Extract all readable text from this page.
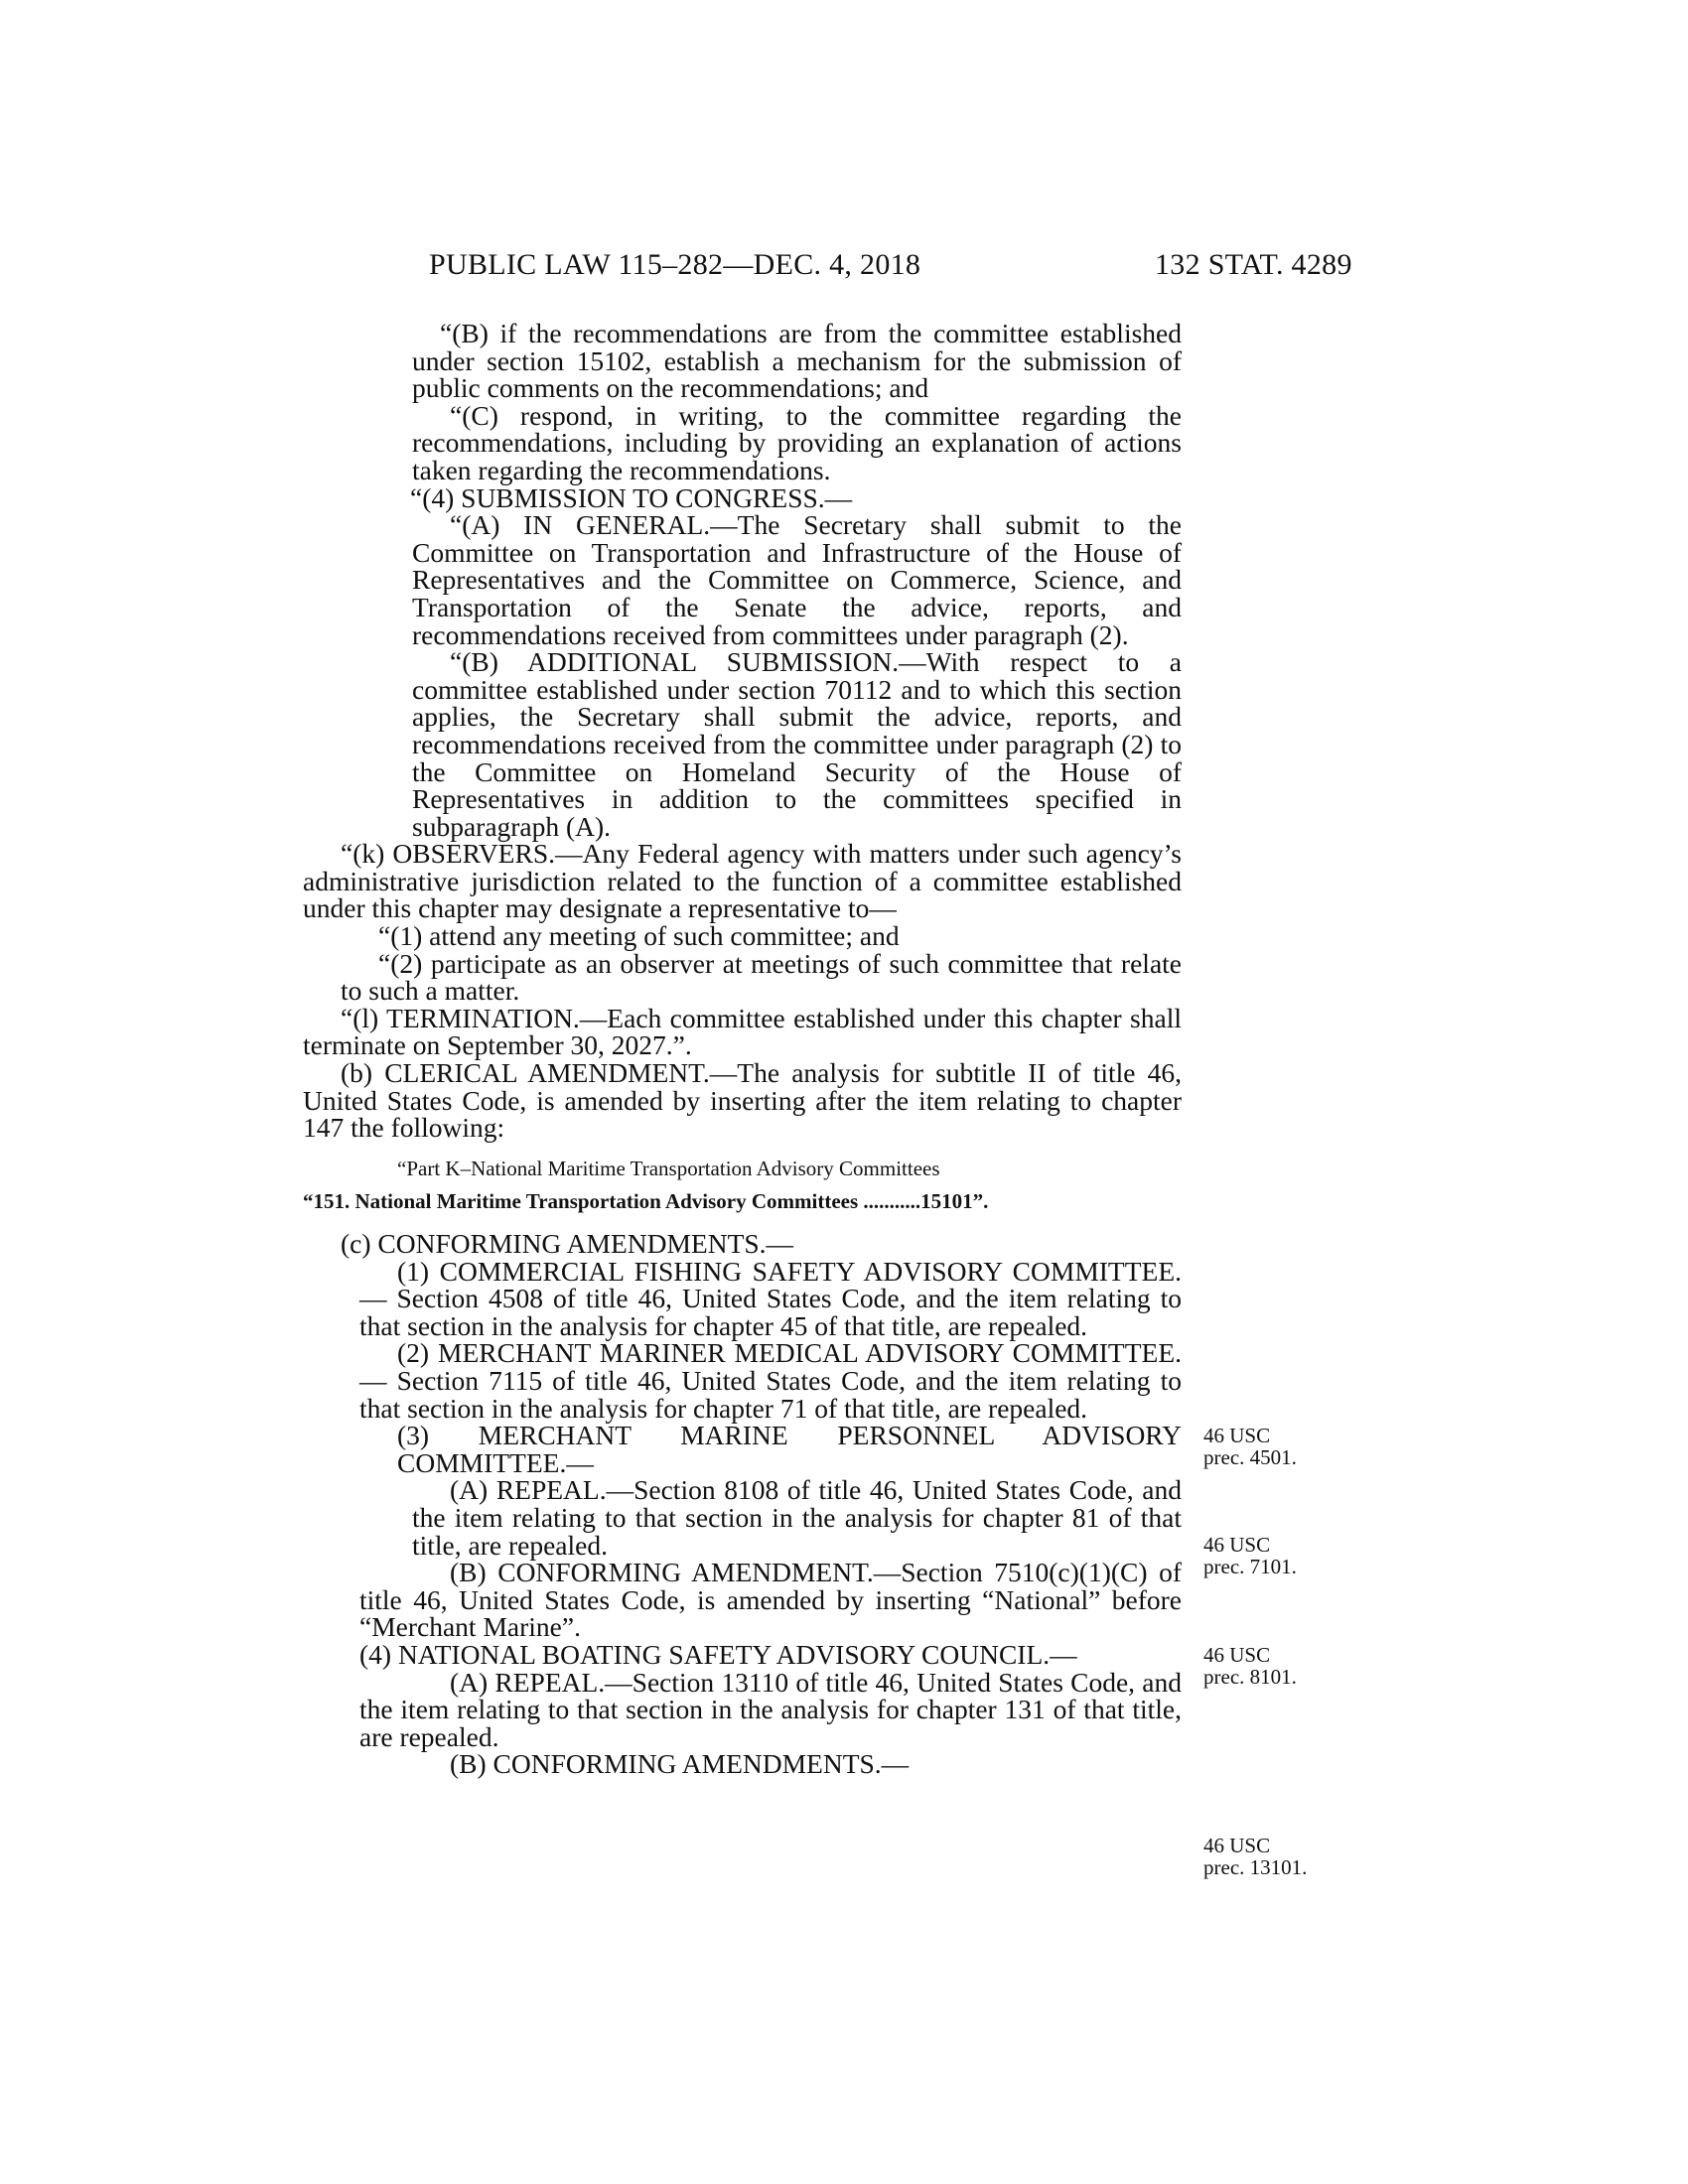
PUBLIC LAW 115–282—DEC. 4, 2018	132 STAT. 4289

“(B) if the recommendations are from the committee established under section 15102, establish a mechanism for the submission of public comments on the recommendations; and

“(C) respond, in writing, to the committee regarding the recommendations, including by providing an explanation of actions taken regarding the recommendations.

“(4) SUBMISSION TO CONGRESS.—

“(A) IN GENERAL.—The Secretary shall submit to the Committee on Transportation and Infrastructure of the House of Representatives and the Committee on Commerce, Science, and Transportation of the Senate the advice, reports, and recommendations received from committees under paragraph (2).

“(B) ADDITIONAL SUBMISSION.—With respect to a committee established under section 70112 and to which this section applies, the Secretary shall submit the advice, reports, and recommendations received from the committee under paragraph (2) to the Committee on Homeland Security of the House of Representatives in addition to the committees specified in subparagraph (A).

“(k) OBSERVERS.—Any Federal agency with matters under such agency’s administrative jurisdiction related to the function of a committee established under this chapter may designate a representative to—

“(1) attend any meeting of such committee; and

“(2) participate as an observer at meetings of such committee that relate to such a matter.

“(l) TERMINATION.—Each committee established under this chapter shall terminate on September 30, 2027.”.

(b) CLERICAL AMENDMENT.—The analysis for subtitle II of title 46, United States Code, is amended by inserting after the item relating to chapter 147 the following:

“Part K–National Maritime Transportation Advisory Committees

“151. National Maritime Transportation Advisory Committees ...........15101”.

(c) CONFORMING AMENDMENTS.—

(1) COMMERCIAL FISHING SAFETY ADVISORY COMMITTEE.— Section 4508 of title 46, United States Code, and the item relating to that section in the analysis for chapter 45 of that title, are repealed.

(2) MERCHANT MARINER MEDICAL ADVISORY COMMITTEE.— Section 7115 of title 46, United States Code, and the item relating to that section in the analysis for chapter 71 of that title, are repealed.

(3) MERCHANT MARINE PERSONNEL ADVISORY COMMITTEE.—

(A) REPEAL.—Section 8108 of title 46, United States Code, and the item relating to that section in the analysis for chapter 81 of that title, are repealed.

(B) CONFORMING AMENDMENT.—Section 7510(c)(1)(C) of title 46, United States Code, is amended by inserting “National” before “Merchant Marine”.

(4) NATIONAL BOATING SAFETY ADVISORY COUNCIL.—

(A) REPEAL.—Section 13110 of title 46, United States Code, and the item relating to that section in the analysis for chapter 131 of that title, are repealed.

(B) CONFORMING AMENDMENTS.—

46 USC
prec. 4501.
46 USC
prec. 7101.
46 USC
prec. 8101.
46 USC
prec. 13101.
